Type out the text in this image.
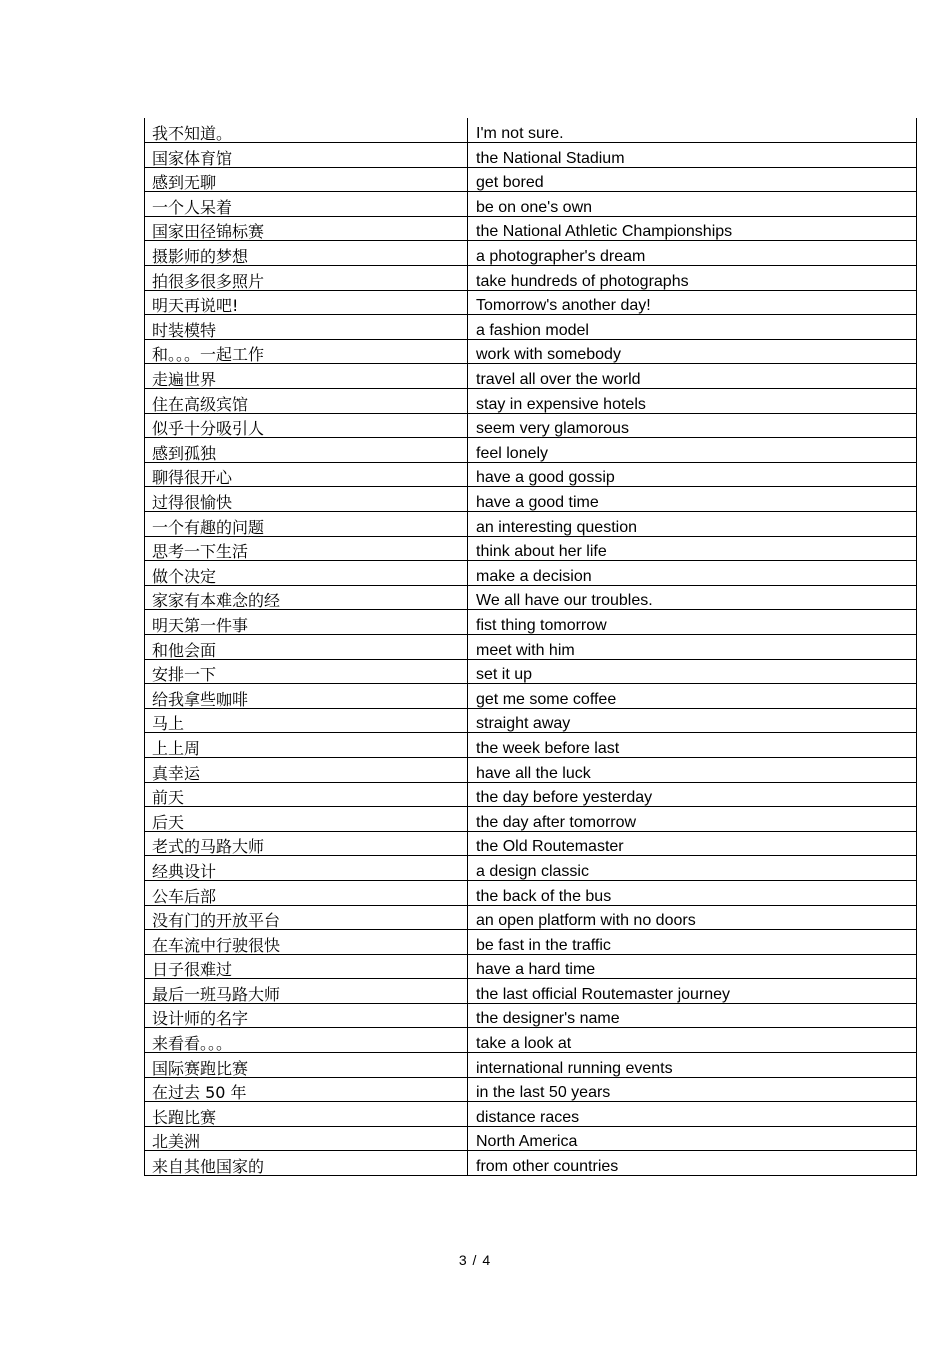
我不知道。	I'm not sure.
国家体育馆	the National Stadium
感到无聊	get bored
一个人呆着	be on one's own
国家田径锦标赛	the National Athletic Championships
摄影师的梦想	a photographer's dream
拍很多很多照片	take hundreds of photographs
明天再说吧!	Tomorrow's another day!
时装模特	a fashion model
和。。。一起工作	work with somebody
走遍世界	travel all over the world
住在高级宾馆	stay in expensive hotels
似乎十分吸引人	seem very glamorous
感到孤独	feel lonely
聊得很开心	have a good gossip
过得很愉快	have a good time
一个有趣的问题	an interesting question
思考一下生活	think about her life
做个决定	make a decision
家家有本难念的经	We all have our troubles.
明天第一件事	fist thing tomorrow
和他会面	meet with him
安排一下	set it up
给我拿些咖啡	get me some coffee
马上	straight away
上上周	the week before last
真幸运	have all the luck
前天	the day before yesterday
后天	the day after tomorrow
老式的马路大师	the Old Routemaster
经典设计	a design classic
公车后部	the back of the bus
没有门的开放平台	an open platform with no doors
在车流中行驶很快	be fast in the traffic
日子很难过	have a hard time
最后一班马路大师	the last official Routemaster journey
设计师的名字	the designer's name
来看看。。。	take a look at
国际赛跑比赛	international running events
在过去 50 年	in the last 50 years
长跑比赛	distance races
北美洲	North America
来自其他国家的	from other countries
3 / 4
